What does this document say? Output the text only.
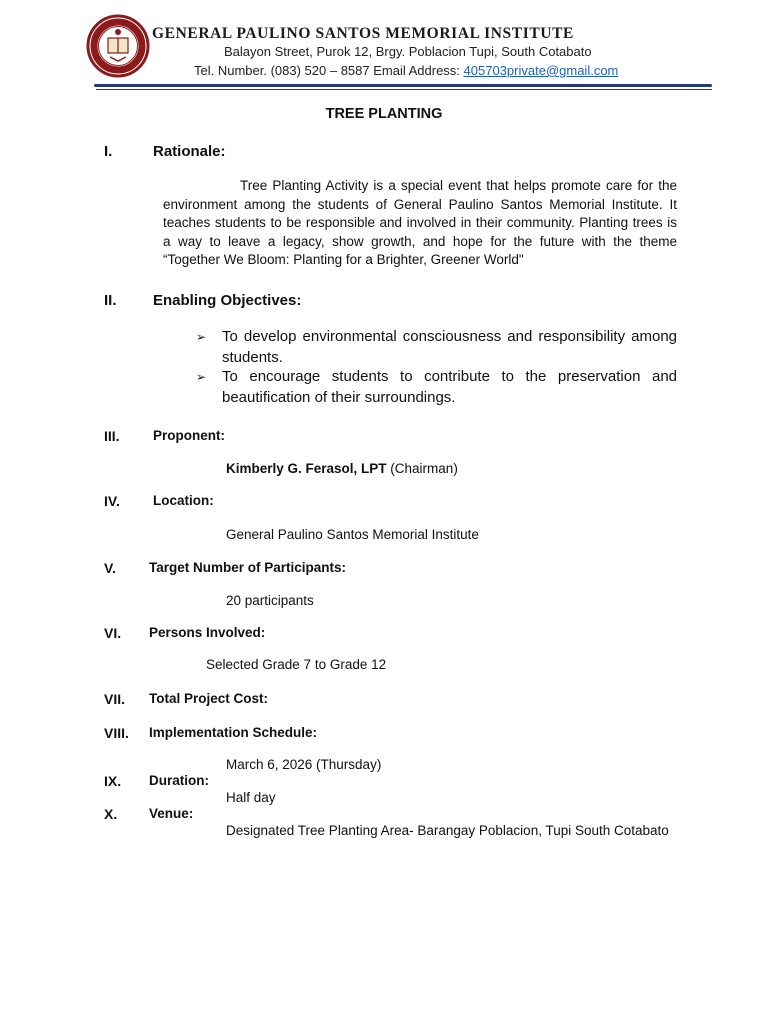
GENERAL PAULINO SANTOS MEMORIAL INSTITUTE
Balayon Street, Purok 12, Brgy. Poblacion Tupi, South Cotabato
Tel. Number. (083) 520 – 8587 Email Address: 405703private@gmail.com
TREE PLANTING
I.	Rationale:
Tree Planting Activity is a special event that helps promote care for the environment among the students of General Paulino Santos Memorial Institute. It teaches students to be responsible and involved in their community. Planting trees is a way to leave a legacy, show growth, and hope for the future with the theme “Together We Bloom: Planting for a Brighter, Greener World"
II. Enabling Objectives:
➢	To develop environmental consciousness and responsibility among students.
➢	To encourage students to contribute to the preservation and beautification of their surroundings.
III. Proponent:
Kimberly G. Ferasol, LPT (Chairman)
IV. Location:
General Paulino Santos Memorial Institute
V. Target Number of Participants:
20 participants
VI. Persons Involved:
Selected Grade 7 to Grade 12
VII. Total Project Cost:
VIII. Implementation Schedule:
March 6, 2026 (Thursday)
IX. Duration:
Half day
X. Venue:
Designated Tree Planting Area- Barangay Poblacion, Tupi South Cotabato
